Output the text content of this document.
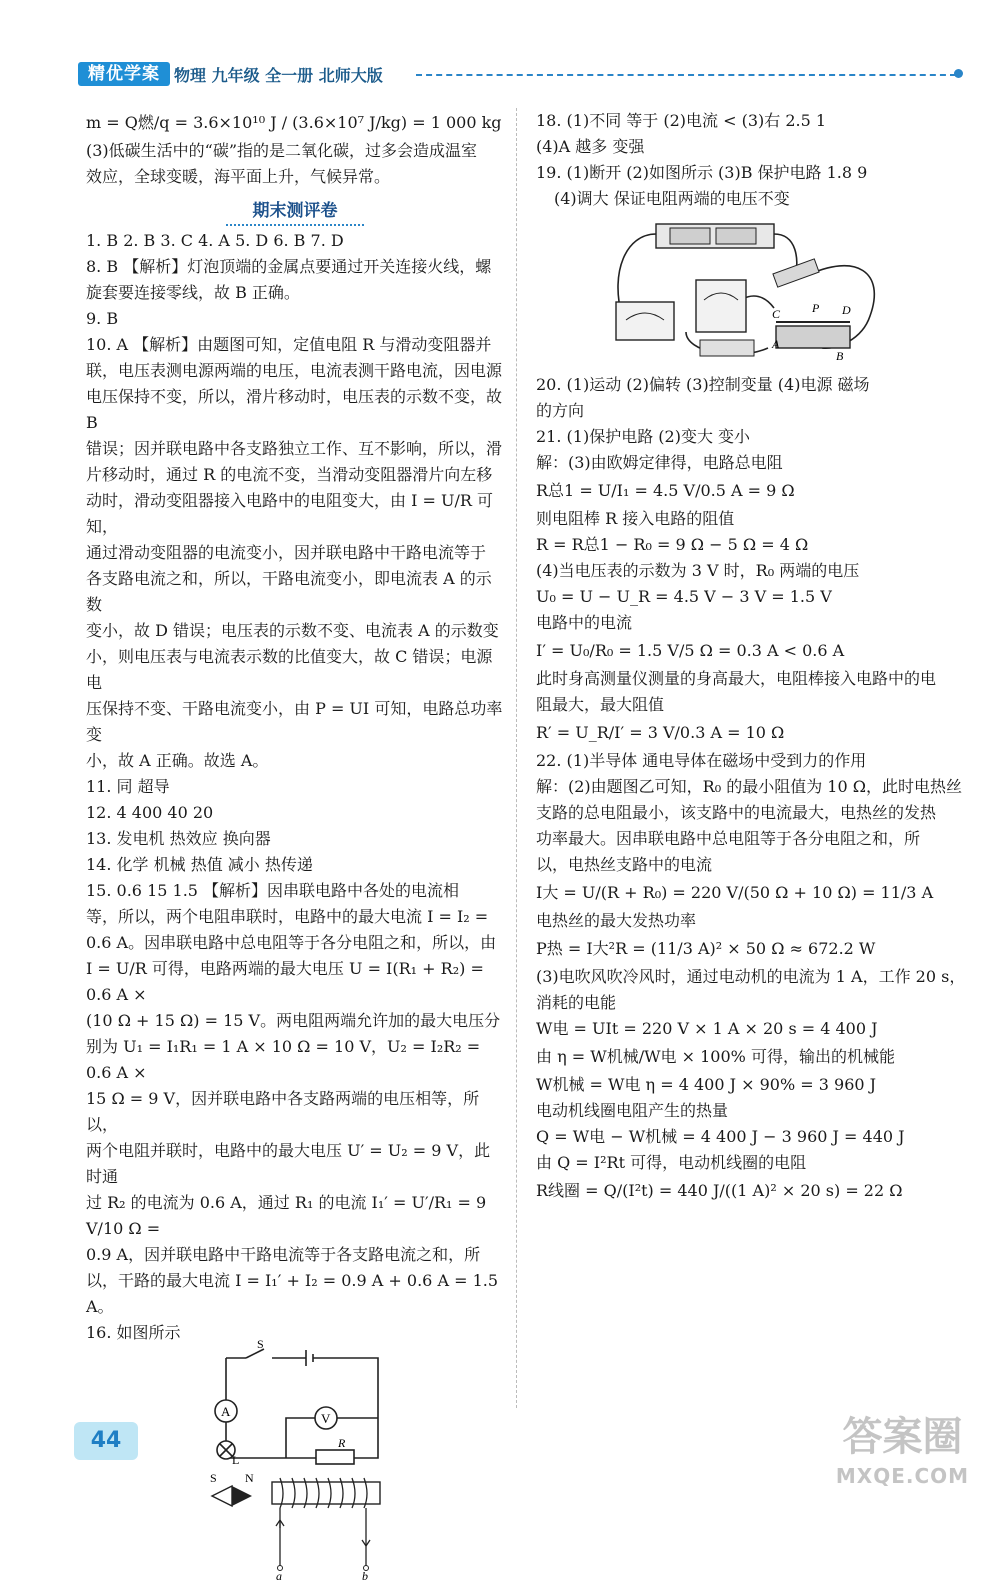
精优学案 物理 九年级 全一册 北师大版

m = Q燃/q = 3.6×10¹⁰ J / (3.6×10⁷ J/kg) = 1 000 kg

(3)低碳生活中的“碳”指的是二氧化碳，过多会造成温室

效应，全球变暖，海平面上升，气候异常。

期末测评卷

1. B 2. B 3. C 4. A 5. D 6. B 7. D

8. B 【解析】灯泡顶端的金属点要通过开关连接火线，螺

旋套要连接零线，故 B 正确。

9. B

10. A 【解析】由题图可知，定值电阻 R 与滑动变阻器并

联，电压表测电源两端的电压，电流表测干路电流，因电源

电压保持不变，所以，滑片移动时，电压表的示数不变，故 B

错误；因并联电路中各支路独立工作、互不影响，所以，滑

片移动时，通过 R 的电流不变，当滑动变阻器滑片向左移

动时，滑动变阻器接入电路中的电阻变大，由 I = U/R 可知，

通过滑动变阻器的电流变小，因并联电路中干路电流等于

各支路电流之和，所以，干路电流变小，即电流表 A 的示数

变小，故 D 错误；电压表的示数不变、电流表 A 的示数变

小，则电压表与电流表示数的比值变大，故 C 错误；电源电

压保持不变、干路电流变小，由 P = UI 可知，电路总功率变

小，故 A 正确。故选 A。

11. 同 超导

12. 4 400 40 20

13. 发电机 热效应 换向器

14. 化学 机械 热值 减小 热传递

15. 0.6 15 1.5 【解析】因串联电路中各处的电流相

等，所以，两个电阻串联时，电路中的最大电流 I = I₂ =

0.6 A。因串联电路中总电阻等于各分电阻之和，所以，由

I = U/R 可得，电路两端的最大电压 U = I(R₁ + R₂) = 0.6 A ×

(10 Ω + 15 Ω) = 15 V。两电阻两端允许加的最大电压分

别为 U₁ = I₁R₁ = 1 A × 10 Ω = 10 V，U₂ = I₂R₂ = 0.6 A ×

15 Ω = 9 V，因并联电路中各支路两端的电压相等，所以，

两个电阻并联时，电路中的最大电压 U′ = U₂ = 9 V，此时通

过 R₂ 的电流为 0.6 A，通过 R₁ 的电流 I₁′ = U′/R₁ = 9 V/10 Ω =

0.9 A，因并联电路中干路电流等于各支路电流之和，所

以，干路的最大电流 I = I₁′ + I₂ = 0.9 A + 0.6 A = 1.5 A。

16. 如图所示

S
A	V
L
R
S N
a	b

18. (1)不同 等于 (2)电流 < (3)右 2.5 1

(4)A 越多 变强

19. (1)断开 (2)如图所示 (3)B 保护电路 1.8 9

(4)调大 保证电阻两端的电压不变

C	P D
A
B

20. (1)运动 (2)偏转 (3)控制变量 (4)电源 磁场

的方向

21. (1)保护电路 (2)变大 变小

解：(3)由欧姆定律得，电路总电阻

R总1 = U/I₁ = 4.5 V/0.5 A = 9 Ω

则电阻棒 R 接入电路的阻值

R = R总1 − R₀ = 9 Ω − 5 Ω = 4 Ω

(4)当电压表的示数为 3 V 时，R₀ 两端的电压

U₀ = U − U_R = 4.5 V − 3 V = 1.5 V

电路中的电流

I′ = U₀/R₀ = 1.5 V/5 Ω = 0.3 A < 0.6 A

此时身高测量仪测量的身高最大，电阻棒接入电路中的电

阻最大，最大阻值

R′ = U_R/I′ = 3 V/0.3 A = 10 Ω

22. (1)半导体 通电导体在磁场中受到力的作用

解：(2)由题图乙可知，R₀ 的最小阻值为 10 Ω，此时电热丝

支路的总电阻最小，该支路中的电流最大，电热丝的发热

功率最大。因串联电路中总电阻等于各分电阻之和，所

以，电热丝支路中的电流

I大 = U/(R + R₀) = 220 V/(50 Ω + 10 Ω) = 11/3 A

电热丝的最大发热功率

P热 = I大²R = (11/3 A)² × 50 Ω ≈ 672.2 W

(3)电吹风吹冷风时，通过电动机的电流为 1 A，工作 20 s，

消耗的电能

W电 = UIt = 220 V × 1 A × 20 s = 4 400 J

由 η = W机械/W电 × 100% 可得，输出的机械能

W机械 = W电 η = 4 400 J × 90% = 3 960 J

电动机线圈电阻产生的热量

Q = W电 − W机械 = 4 400 J − 3 960 J = 440 J

由 Q = I²Rt 可得，电动机线圈的电阻

R线圈 = Q/(I²t) = 440 J/((1 A)² × 20 s) = 22 Ω

44	答案圈
MXQE.COM
